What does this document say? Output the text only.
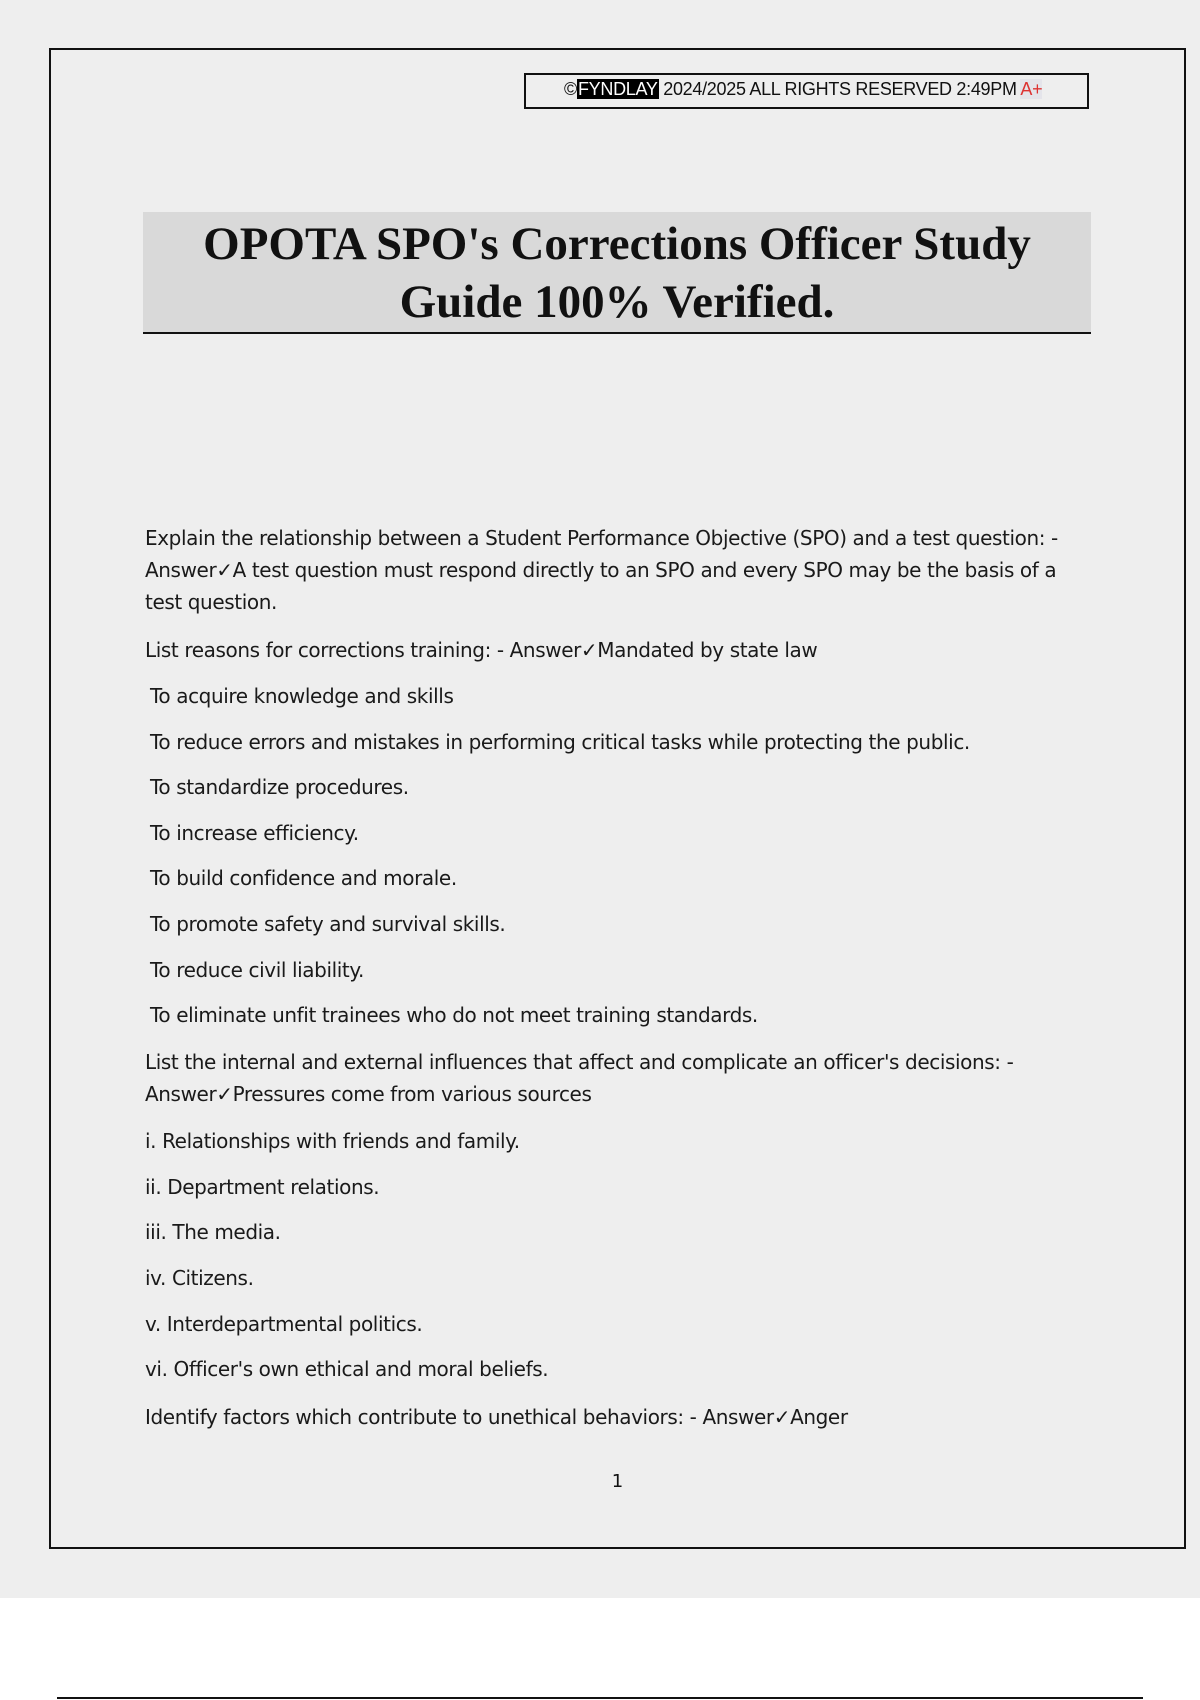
©FYNDLAY 2024/2025 ALL RIGHTS RESERVED 2:49PM A+
OPOTA SPO's Corrections Officer Study
Guide 100% Verified.

Explain the relationship between a Student Performance Objective (SPO) and a test question: - Answer✓A test question must respond directly to an SPO and every SPO may be the basis of a test question.

List reasons for corrections training: - Answer✓Mandated by state law
To acquire knowledge and skills
To reduce errors and mistakes in performing critical tasks while protecting the public.
To standardize procedures.
To increase efficiency.
To build confidence and morale.
To promote safety and survival skills.
To reduce civil liability.
To eliminate unfit trainees who do not meet training standards.
List the internal and external influences that affect and complicate an officer's decisions: -
Answer✓Pressures come from various sources
i. Relationships with friends and family.
ii. Department relations.
iii. The media.
iv. Citizens.
v. Interdepartmental politics.
vi. Officer's own ethical and moral beliefs.
Identify factors which contribute to unethical behaviors: - Answer✓Anger
1
